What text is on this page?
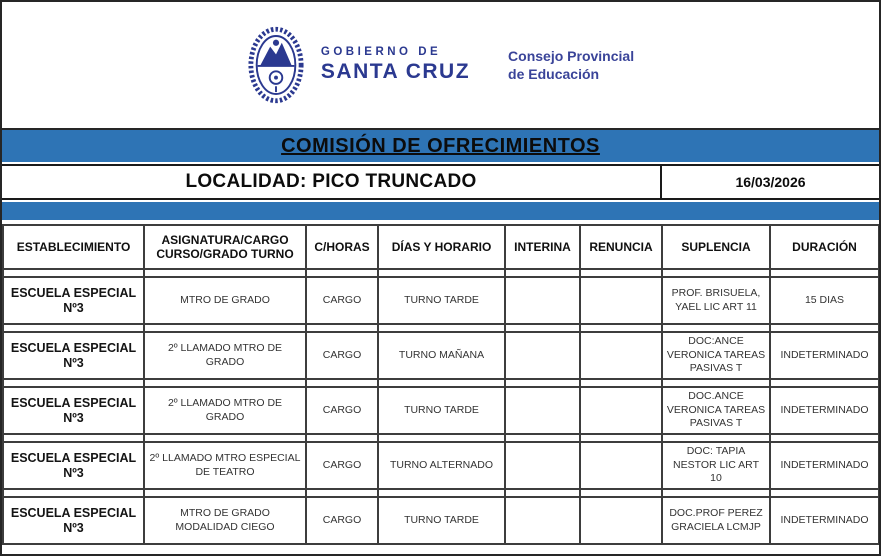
GOBIERNO DE
SANTA CRUZ
Consejo Provincial
de Educación
COMISIÓN DE OFRECIMIENTOS
LOCALIDAD: PICO TRUNCADO	16/03/2026
ESTABLECIMIENTO	ASIGNATURA/CARGO CURSO/GRADO TURNO	C/HORAS	DÍAS Y HORARIO	INTERINA	RENUNCIA	SUPLENCIA	DURACIÓN

ESCUELA ESPECIAL Nº3	MTRO DE GRADO	CARGO	TURNO TARDE			PROF. BRISUELA, YAEL LIC ART 11	15 DIAS

ESCUELA ESPECIAL Nº3	2º LLAMADO MTRO DE GRADO	CARGO	TURNO MAÑANA			DOC:ANCE VERONICA TAREAS PASIVAS T	INDETERMINADO

ESCUELA ESPECIAL Nº3	2º LLAMADO MTRO DE GRADO	CARGO	TURNO TARDE			DOC.ANCE VERONICA TAREAS PASIVAS T	INDETERMINADO

ESCUELA ESPECIAL Nº3	2º LLAMADO MTRO ESPECIAL DE TEATRO	CARGO	TURNO ALTERNADO			DOC: TAPIA NESTOR LIC ART 10	INDETERMINADO

ESCUELA ESPECIAL Nº3	MTRO DE GRADO MODALIDAD CIEGO	CARGO	TURNO TARDE			DOC.PROF PEREZ GRACIELA LCMJP	INDETERMINADO
